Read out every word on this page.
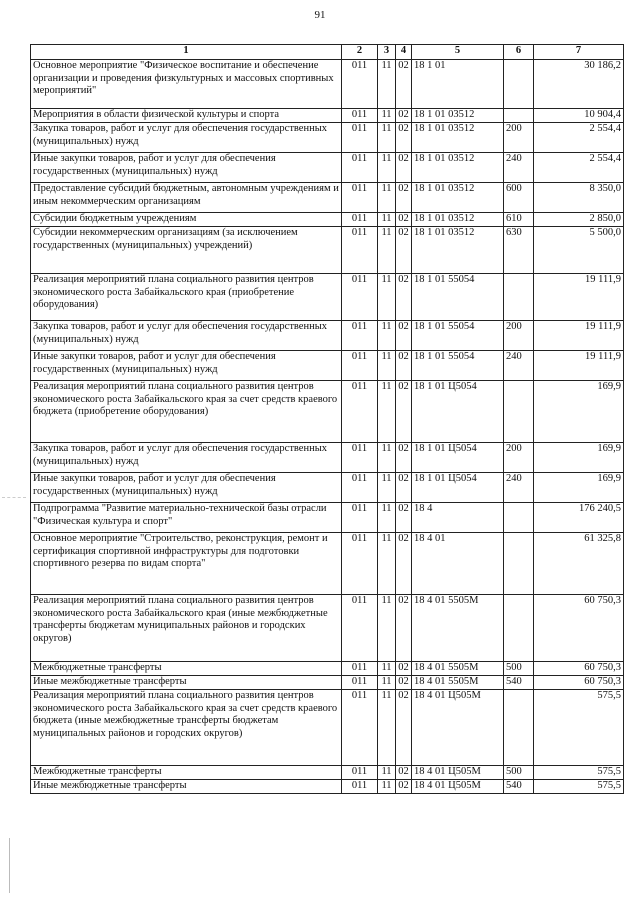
91
1	2	3	4	5	6	7
Основное мероприятие "Физическое воспитание и обеспечение организации и проведения физкультурных и массовых спортивных мероприятий"	011	11	02	18 1 01		30 186,2
Мероприятия в области физической культуры и спорта	011	11	02	18 1 01 03512		10 904,4
Закупка товаров, работ и услуг для обеспечения государственных (муниципальных) нужд	011	11	02	18 1 01 03512	200	2 554,4
Иные закупки товаров, работ и услуг для обеспечения государственных (муниципальных) нужд	011	11	02	18 1 01 03512	240	2 554,4
Предоставление субсидий бюджетным, автономным учреждениям и иным некоммерческим организациям	011	11	02	18 1 01 03512	600	8 350,0
Субсидии бюджетным учреждениям	011	11	02	18 1 01 03512	610	2 850,0
Субсидии некоммерческим организациям (за исключением государственных (муниципальных) учреждений)	011	11	02	18 1 01 03512	630	5 500,0
Реализация мероприятий плана социального развития центров экономического роста Забайкальского края (приобретение оборудования)	011	11	02	18 1 01 55054		19 111,9
Закупка товаров, работ и услуг для обеспечения государственных (муниципальных) нужд	011	11	02	18 1 01 55054	200	19 111,9
Иные закупки товаров, работ и услуг для обеспечения государственных (муниципальных) нужд	011	11	02	18 1 01 55054	240	19 111,9
Реализация мероприятий плана социального развития центров экономического роста Забайкальского края за счет средств краевого бюджета (приобретение оборудования)	011	11	02	18 1 01 Ц5054		169,9
Закупка товаров, работ и услуг для обеспечения государственных (муниципальных) нужд	011	11	02	18 1 01 Ц5054	200	169,9
Иные закупки товаров, работ и услуг для обеспечения государственных (муниципальных) нужд	011	11	02	18 1 01 Ц5054	240	169,9
Подпрограмма "Развитие материально-технической базы отрасли "Физическая культура и спорт"	011	11	02	18 4		176 240,5
Основное мероприятие "Строительство, реконструкция, ремонт и сертификация спортивной инфраструктуры для подготовки спортивного резерва по видам спорта"	011	11	02	18 4 01		61 325,8
Реализация мероприятий плана социального развития центров экономического роста Забайкальского края (иные межбюджетные трансферты бюджетам муниципальных районов и городских округов)	011	11	02	18 4 01 5505М		60 750,3
Межбюджетные трансферты	011	11	02	18 4 01 5505М	500	60 750,3
Иные межбюджетные трансферты	011	11	02	18 4 01 5505М	540	60 750,3
Реализация мероприятий плана социального развития центров экономического роста Забайкальского края за счет средств краевого бюджета (иные межбюджетные трансферты бюджетам муниципальных районов и городских округов)	011	11	02	18 4 01 Ц505М		575,5
Межбюджетные трансферты	011	11	02	18 4 01 Ц505М	500	575,5
Иные межбюджетные трансферты	011	11	02	18 4 01 Ц505М	540	575,5
